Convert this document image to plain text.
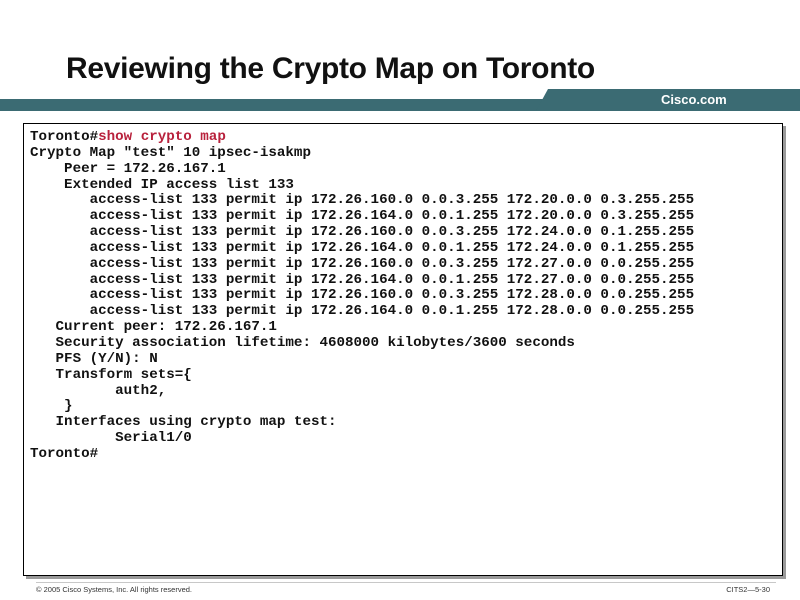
Reviewing the Crypto Map on Toronto
Cisco.com
Toronto#show crypto map
Crypto Map "test" 10 ipsec-isakmp
Peer = 172.26.167.1
Extended IP access list 133
access-list 133 permit ip 172.26.160.0 0.0.3.255 172.20.0.0 0.3.255.255
access-list 133 permit ip 172.26.164.0 0.0.1.255 172.20.0.0 0.3.255.255
access-list 133 permit ip 172.26.160.0 0.0.3.255 172.24.0.0 0.1.255.255
access-list 133 permit ip 172.26.164.0 0.0.1.255 172.24.0.0 0.1.255.255
access-list 133 permit ip 172.26.160.0 0.0.3.255 172.27.0.0 0.0.255.255
access-list 133 permit ip 172.26.164.0 0.0.1.255 172.27.0.0 0.0.255.255
access-list 133 permit ip 172.26.160.0 0.0.3.255 172.28.0.0 0.0.255.255
access-list 133 permit ip 172.26.164.0 0.0.1.255 172.28.0.0 0.0.255.255
Current peer: 172.26.167.1
Security association lifetime: 4608000 kilobytes/3600 seconds
PFS (Y/N): N
Transform sets={
auth2,
}
Interfaces using crypto map test:
Serial1/0
Toronto#
© 2005 Cisco Systems, Inc. All rights reserved.	CITS2—5-30
